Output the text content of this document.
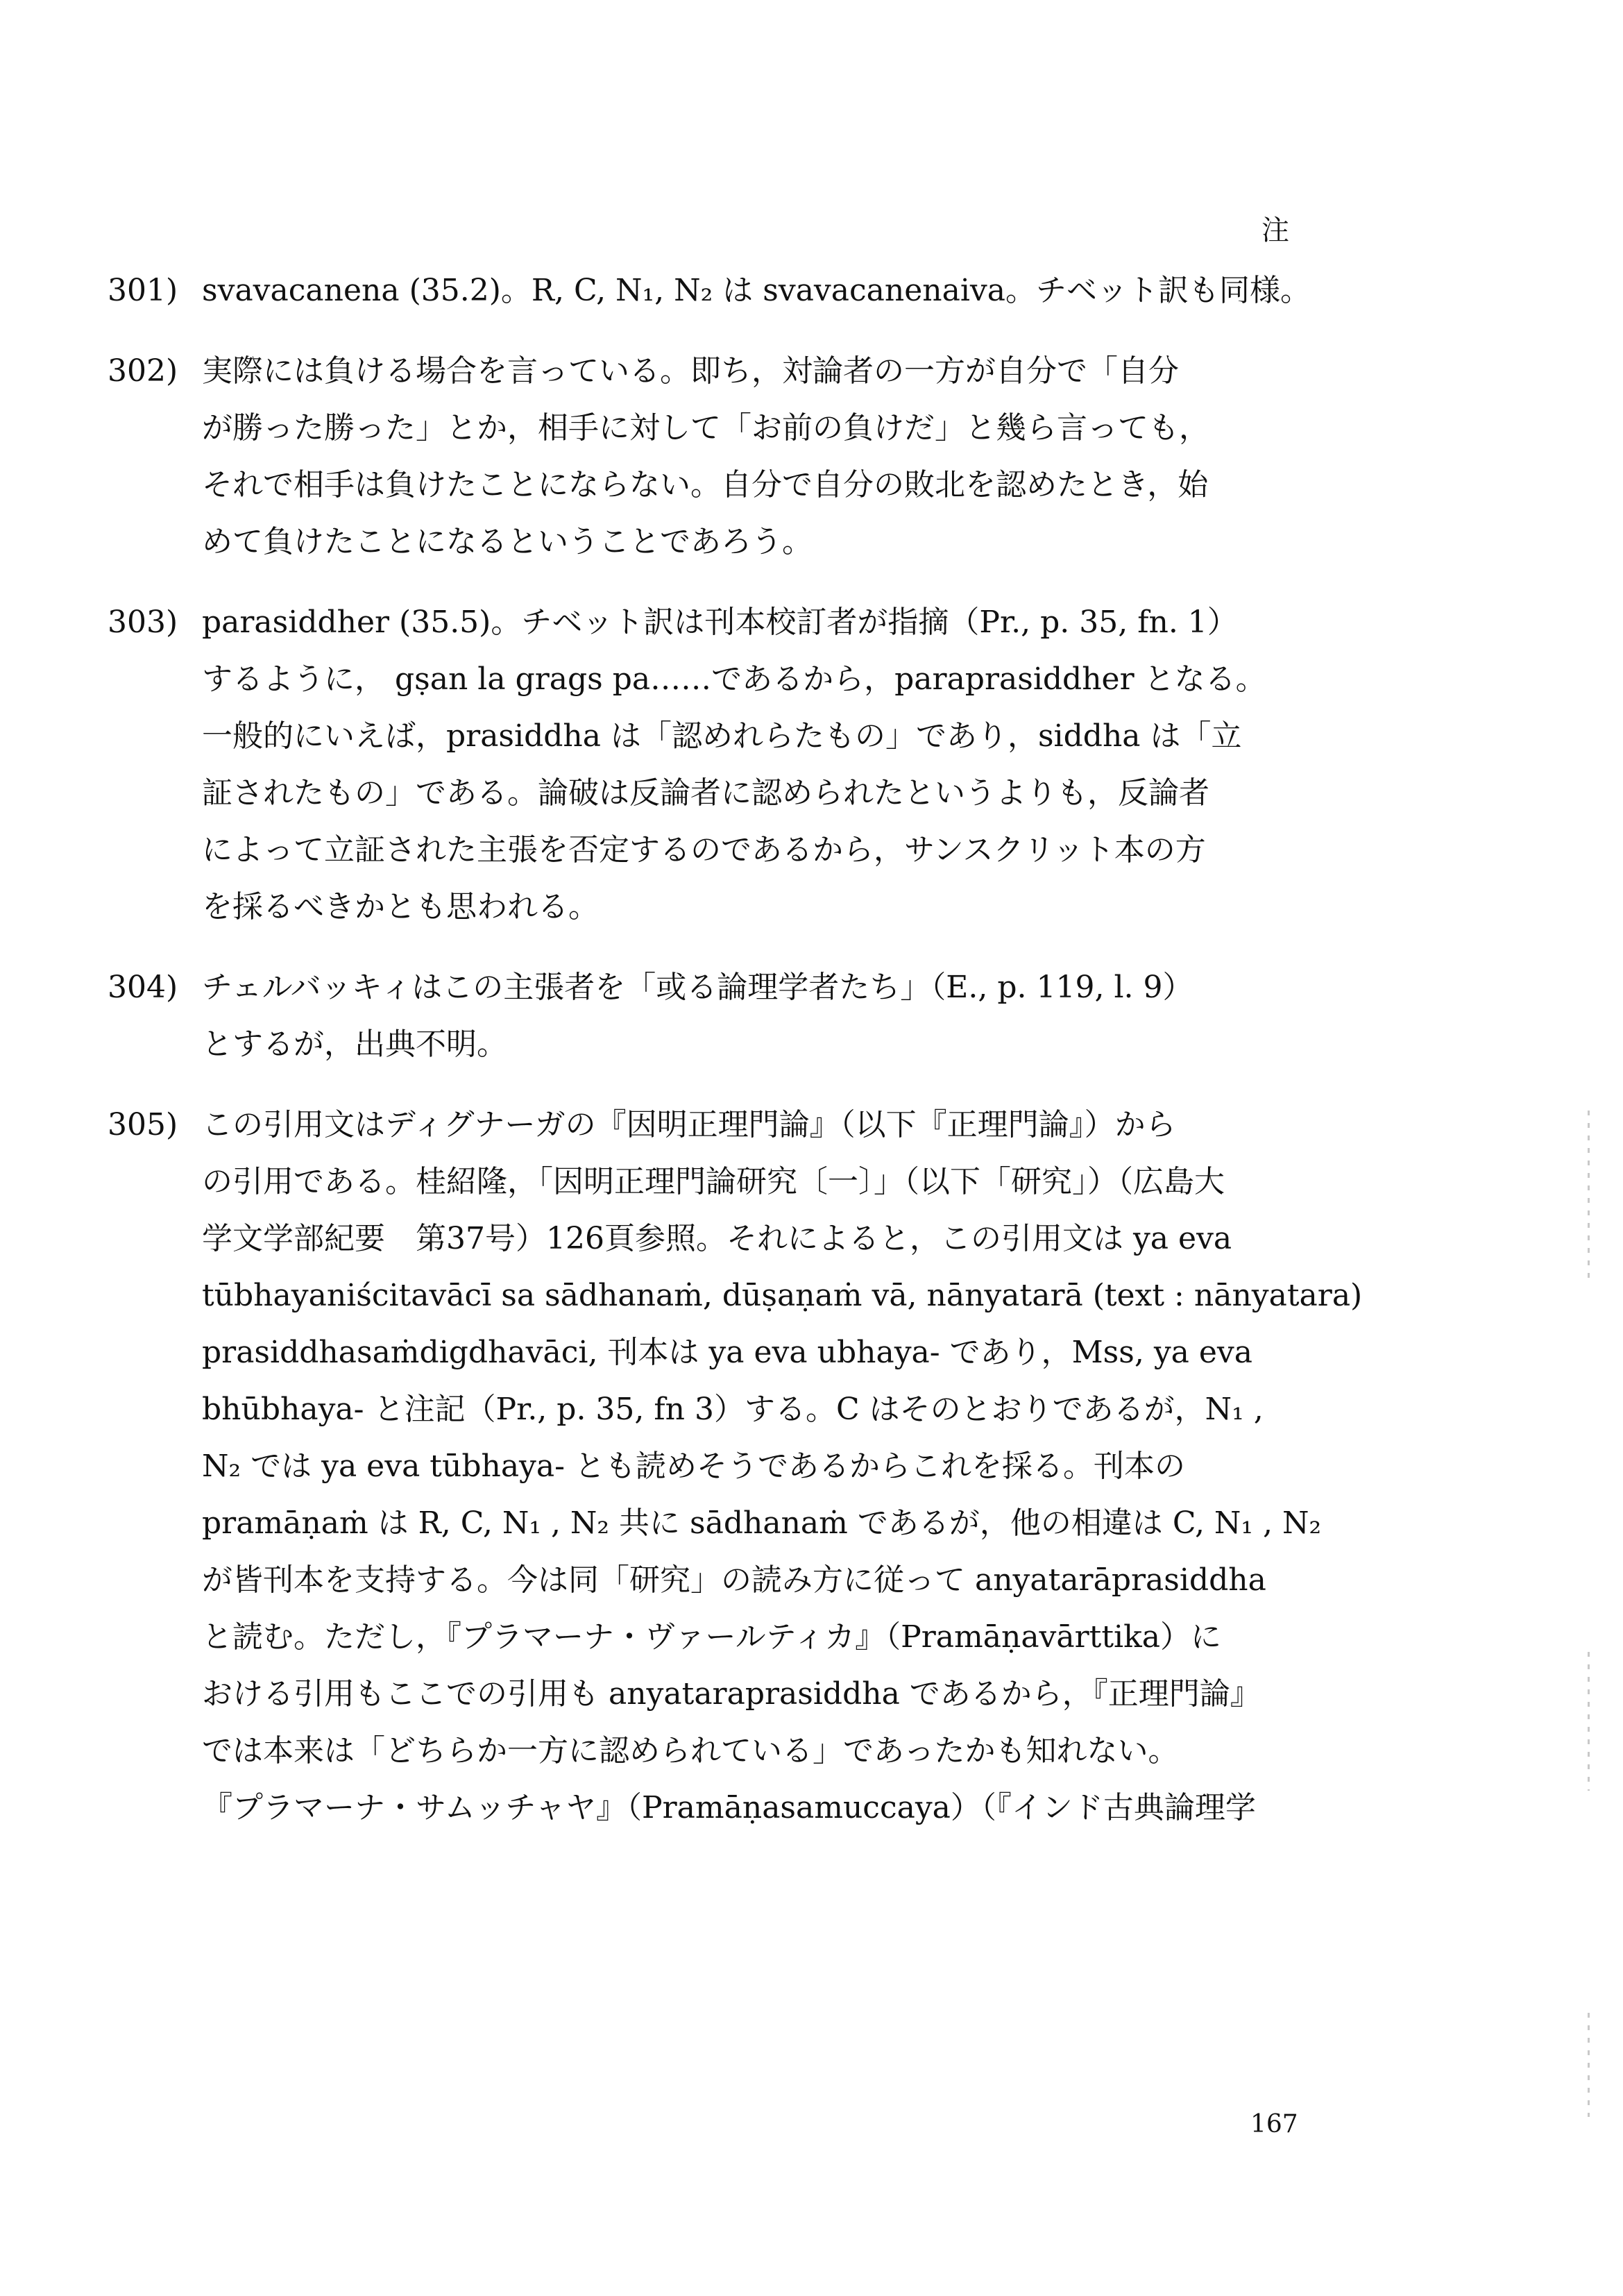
注
301) svavacanena (35.2)。R, C, N₁, N₂ は svavacanenaiva。チベット訳も同様。
302) 実際には負ける場合を言っている。即ち，対論者の一方が自分で「自分
が勝った勝った」とか，相手に対して「お前の負けだ」と幾ら言っても，
それで相手は負けたことにならない。自分で自分の敗北を認めたとき，始
めて負けたことになるということであろう。
303) parasiddher (35.5)。チベット訳は刊本校訂者が指摘（Pr., p. 35, fn. 1）
するように， gṣan la grags pa……であるから，paraprasiddher となる。
一般的にいえば，prasiddha は「認めれらたもの」であり，siddha は「立
証されたもの」である。論破は反論者に認められたというよりも，反論者
によって立証された主張を否定するのであるから，サンスクリット本の方
を採るべきかとも思われる。
304) チェルバッキィはこの主張者を「或る論理学者たち」（E., p. 119, l. 9）
とするが，出典不明。
305) この引用文はディグナーガの『因明正理門論』（以下『正理門論』）から
の引用である。桂紹隆，「因明正理門論研究〔一〕」（以下「研究」）（広島大
学文学部紀要　第37号）126頁参照。それによると，この引用文は ya eva
tūbhayaniścitavācī sa sādhanaṁ, dūṣaṇaṁ vā, nānyatarā (text : nānyatara)
prasiddhasaṁdigdhavāci, 刊本は ya eva ubhaya- であり，Mss, ya eva
bhūbhaya- と注記（Pr., p. 35, fn 3）する。C はそのとおりであるが，N₁ ,
N₂ では ya eva tūbhaya- とも読めそうであるからこれを採る。刊本の
pramāṇaṁ は R, C, N₁ , N₂ 共に sādhanaṁ であるが，他の相違は C, N₁ , N₂
が皆刊本を支持する。今は同「研究」の読み方に従って anyatarāprasiddha
と読む。ただし，『プラマーナ・ヴァールティカ』（Pramāṇavārttika）に
おける引用もここでの引用も anyataraprasiddha であるから，『正理門論』
では本来は「どちらか一方に認められている」であったかも知れない。
『プラマーナ・サムッチャヤ』（Pramāṇasamuccaya）（『インド古典論理学
167
